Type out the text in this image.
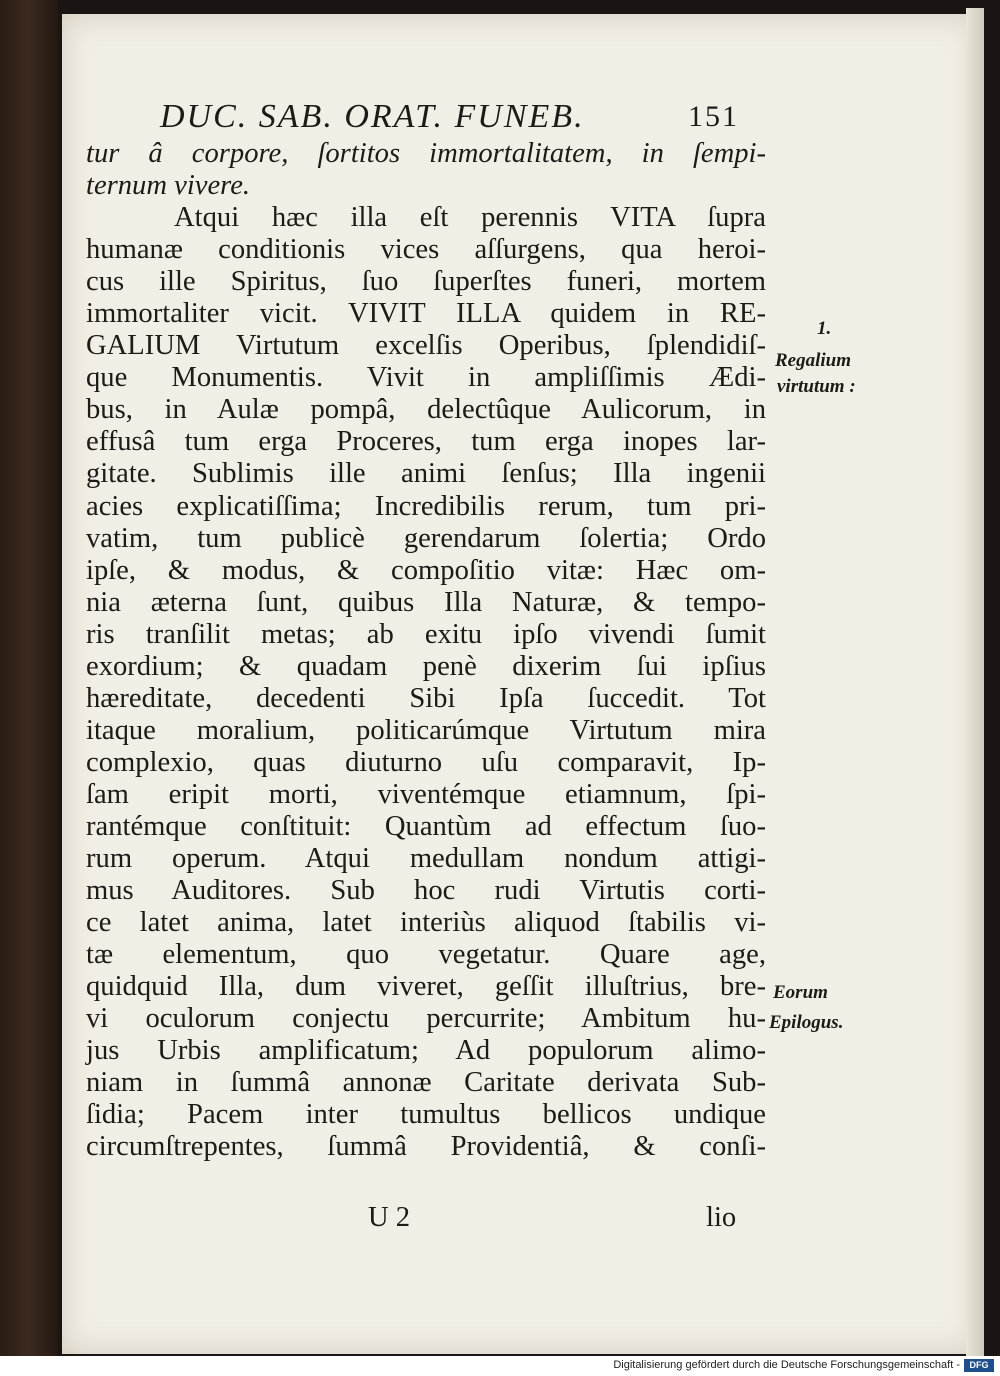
DUC. SAB. ORAT. FUNEB.	151
tur â corpore, ſortitos immortalitatem, in ſempi-
ternum vivere.
Atqui hæc illa eſt perennis VITA ſupra
humanæ conditionis vices aſſurgens, qua heroi-
cus ille Spiritus, ſuo ſuperſtes funeri, mortem
immortaliter vicit. VIVIT ILLA quidem in RE-
GALIUM Virtutum excelſis Operibus, ſplendidiſ-
que Monumentis. Vivit in ampliſſimis Ædi-
bus, in Aulæ pompâ, delectûque Aulicorum, in
effusâ tum erga Proceres, tum erga inopes lar-
gitate. Sublimis ille animi ſenſus; Illa ingenii
acies explicatiſſima; Incredibilis rerum, tum pri-
vatim, tum publicè gerendarum ſolertia; Ordo
ipſe, & modus, & compoſitio vitæ: Hæc om-
nia æterna ſunt, quibus Illa Naturæ, & tempo-
ris tranſilit metas; ab exitu ipſo vivendi ſumit
exordium; & quadam penè dixerim ſui ipſius
hæreditate, decedenti Sibi Ipſa ſuccedit. Tot
itaque moralium, politicarúmque Virtutum mira
complexio, quas diuturno uſu comparavit, Ip-
ſam eripit morti, viventémque etiamnum, ſpi-
rantémque conſtituit: Quantùm ad effectum ſuo-
rum operum. Atqui medullam nondum attigi-
mus Auditores. Sub hoc rudi Virtutis corti-
ce latet anima, latet interiùs aliquod ſtabilis vi-
tæ elementum, quo vegetatur. Quare age,
quidquid Illa, dum viveret, geſſit illuſtrius, bre-
vi oculorum conjectu percurrite; Ambitum hu-
jus Urbis amplificatum; Ad populorum alimo-
niam in ſummâ annonæ Caritate derivata Sub-
ſidia; Pacem inter tumultus bellicos undique
circumſtrepentes, ſummâ Providentiâ, & conſi-
1.
Regalium
virtutum :
Eorum
Epilogus.
U 2	lio
Digitalisierung gefördert durch die Deutsche Forschungsgemeinschaft -	DFG
